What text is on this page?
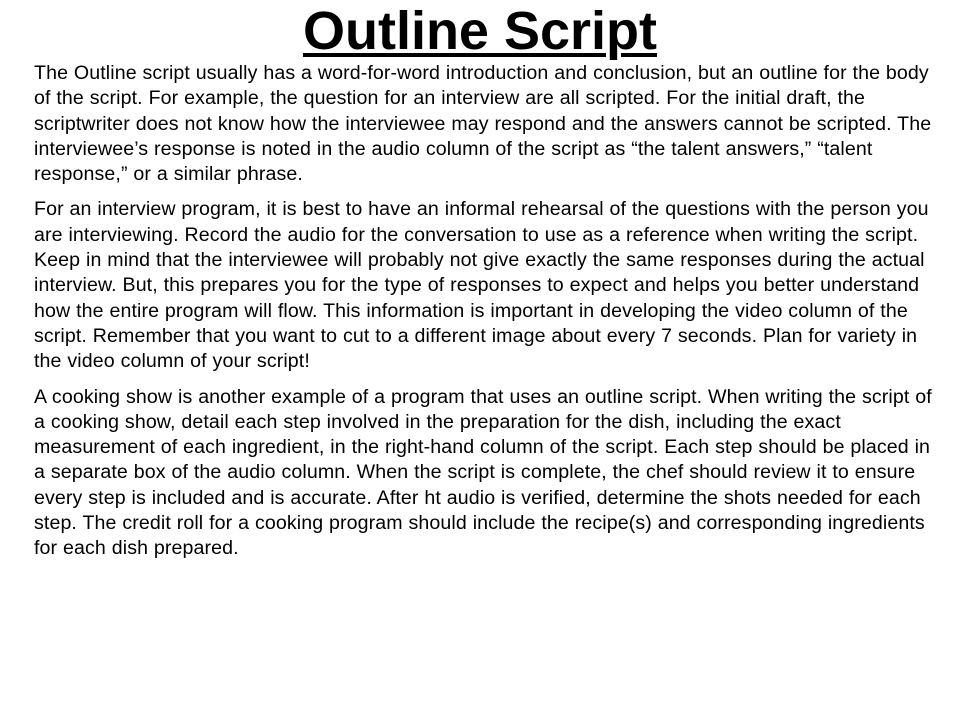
Outline Script

The Outline script usually has a word-for-word introduction and conclusion, but an outline for the body of the script. For example, the question for an interview are all scripted. For the initial draft, the scriptwriter does not know how the interviewee may respond and the answers cannot be scripted. The interviewee’s response is noted in the audio column of the script as “the talent answers,” “talent response,” or a similar phrase.

For an interview program, it is best to have an informal rehearsal of the questions with the person you are interviewing. Record the audio for the conversation to use as a reference when writing the script. Keep in mind that the interviewee will probably not give exactly the same responses during the actual interview. But, this prepares you for the type of responses to expect and helps you better understand how the entire program will flow. This information is important in developing the video column of the script. Remember that you want to cut to a different image about every 7 seconds. Plan for variety in the video column of your script!

A cooking show is another example of a program that uses an outline script. When writing the script of a cooking show, detail each step involved in the preparation for the dish, including the exact measurement of each ingredient, in the right-hand column of the script. Each step should be placed in a separate box of the audio column. When the script is complete, the chef should review it to ensure every step is included and is accurate. After ht audio is verified, determine the shots needed for each step. The credit roll for a cooking program should include the recipe(s) and corresponding ingredients for each dish prepared.
